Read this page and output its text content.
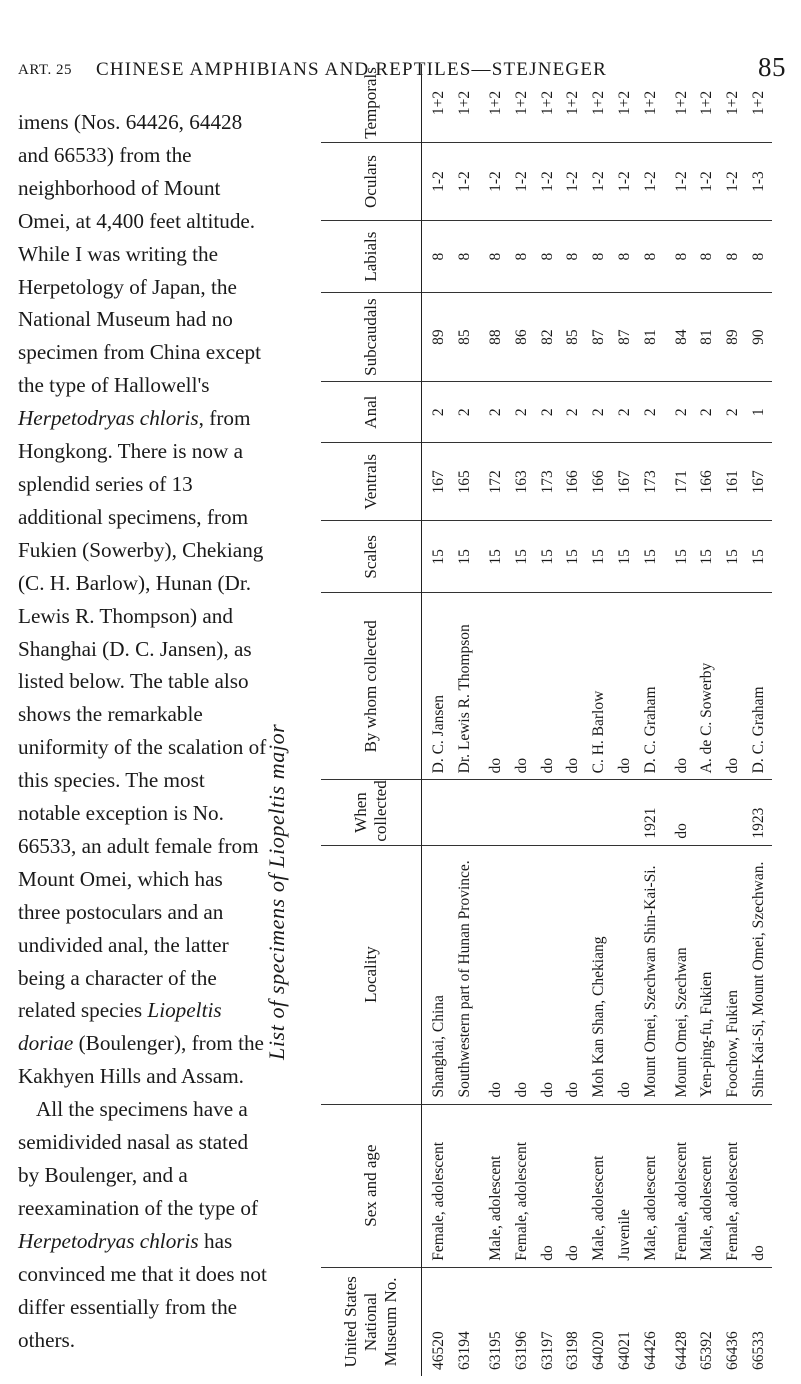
ART. 25 CHINESE AMPHIBIANS AND REPTILES—STEJNEGER	85

imens (Nos. 64426, 64428 and 66533) from the neighborhood of Mount Omei, at 4,400 feet altitude. While I was writing the Herpetology of Japan, the National Museum had no specimen from China except the type of Hallowell's Herpetodryas chloris, from Hongkong. There is now a splendid series of 13 additional specimens, from Fukien (Sowerby), Chekiang (C. H. Barlow), Hunan (Dr. Lewis R. Thompson) and Shanghai (D. C. Jansen), as listed below. The table also shows the remarkable uniformity of the scalation of this species. The most notable exception is No. 66533, an adult female from Mount Omei, which has three postoculars and an undivided anal, the latter being a character of the related species Liopeltis doriae (Boulenger), from the Kakhyen Hills and Assam.

All the specimens have a semidivided nasal as stated by Boulenger, and a reexamination of the type of Herpetodryas chloris has convinced me that it does not differ essentially from the others.

List of specimens of Liopeltis major
United States National Museum No.	Sex and age	Locality	When collected	By whom collected	Scales	Ventrals	Anal	Subcaudals	Labials	Oculars	Temporals

46520	Female, adolescent	Shanghai, China		D. C. Jansen	15	167	2	89	8	1-2	1+2
63194		Southwestern part of Hunan Province.		Dr. Lewis R. Thompson	15	165	2	85	8	1-2	1+2

63195	Male, adolescent	do		do	15	172	2	88	8	1-2	1+2
63196	Female, adolescent	do		do	15	163	2	86	8	1-2	1+2
63197	do	do		do	15	173	2	82	8	1-2	1+2
63198	do	do		do	15	166	2	85	8	1-2	1+2
64020	Male, adolescent	Moh Kan Shan, Chekiang		C. H. Barlow	15	166	2	87	8	1-2	1+2
64021	Juvenile	do		do	15	167	2	87	8	1-2	1+2
64426	Male, adolescent	Mount Omei, Szechwan Shin-Kai-Si.	1921	D. C. Graham	15	173	2	81	8	1-2	1+2

64428	Female, adolescent	Mount Omei, Szechwan	do	do	15	171	2	84	8	1-2	1+2
65392	Male, adolescent	Yen-ping-fu, Fukien		A. de C. Sowerby	15	166	2	81	8	1-2	1+2
66436	Female, adolescent	Foochow, Fukien		do	15	161	2	89	8	1-2	1+2
66533	do	Shin-Kai-Si, Mount Omei, Szechwan.	1923	D. C. Graham	15	167	1	90	8	1-3	1+2
